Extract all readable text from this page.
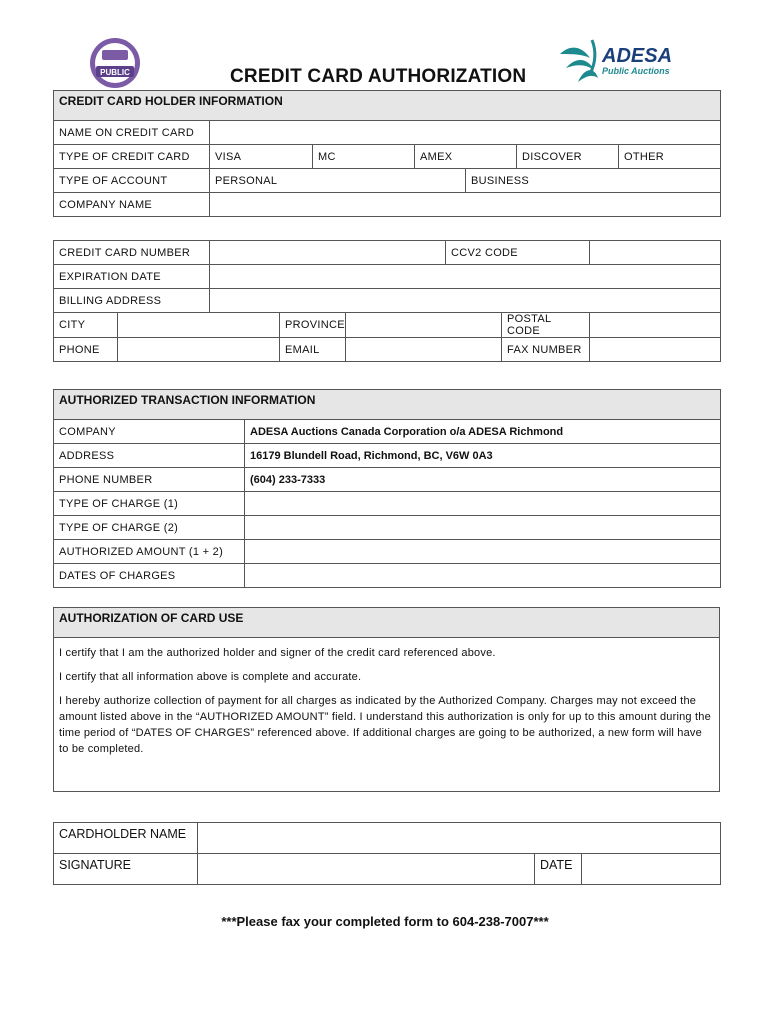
PUBLIC
ADESA
Public Auctions
CREDIT CARD AUTHORIZATION
CREDIT CARD HOLDER INFORMATION						
NAME ON CREDIT CARD						
TYPE OF CREDIT CARD	VISA	MC	AMEX		DISCOVER	OTHER
TYPE OF ACCOUNT	PERSONAL			BUSINESS		
COMPANY NAME						
CREDIT CARD NUMBER					CCV2 CODE		
EXPIRATION DATE							
BILLING ADDRESS							
CITY			PROVINCE			POSTAL CODE	
PHONE			EMAIL			FAX NUMBER	
AUTHORIZED TRANSACTION INFORMATION	
COMPANY	ADESA Auctions Canada Corporation o/a ADESA Richmond
ADDRESS	16179 Blundell Road, Richmond, BC, V6W 0A3
PHONE NUMBER	(604) 233-7333
TYPE OF CHARGE (1)	
TYPE OF CHARGE (2)	
AUTHORIZED AMOUNT (1 + 2)	
DATES OF CHARGES	
AUTHORIZATION OF CARD USE

I certify that I am the authorized holder and signer of the credit card referenced above.

I certify that all information above is complete and accurate.

I hereby authorize collection of payment for all charges as indicated by the Authorized Company. Charges may not exceed the amount listed above in the “AUTHORIZED AMOUNT” field. I understand this authorization is only for up to this amount during the time period of “DATES OF CHARGES” referenced above. If additional charges are going to be authorized, a new form will have to be completed.

CARDHOLDER NAME			
SIGNATURE		DATE	
***Please fax your completed form to 604-238-7007***
